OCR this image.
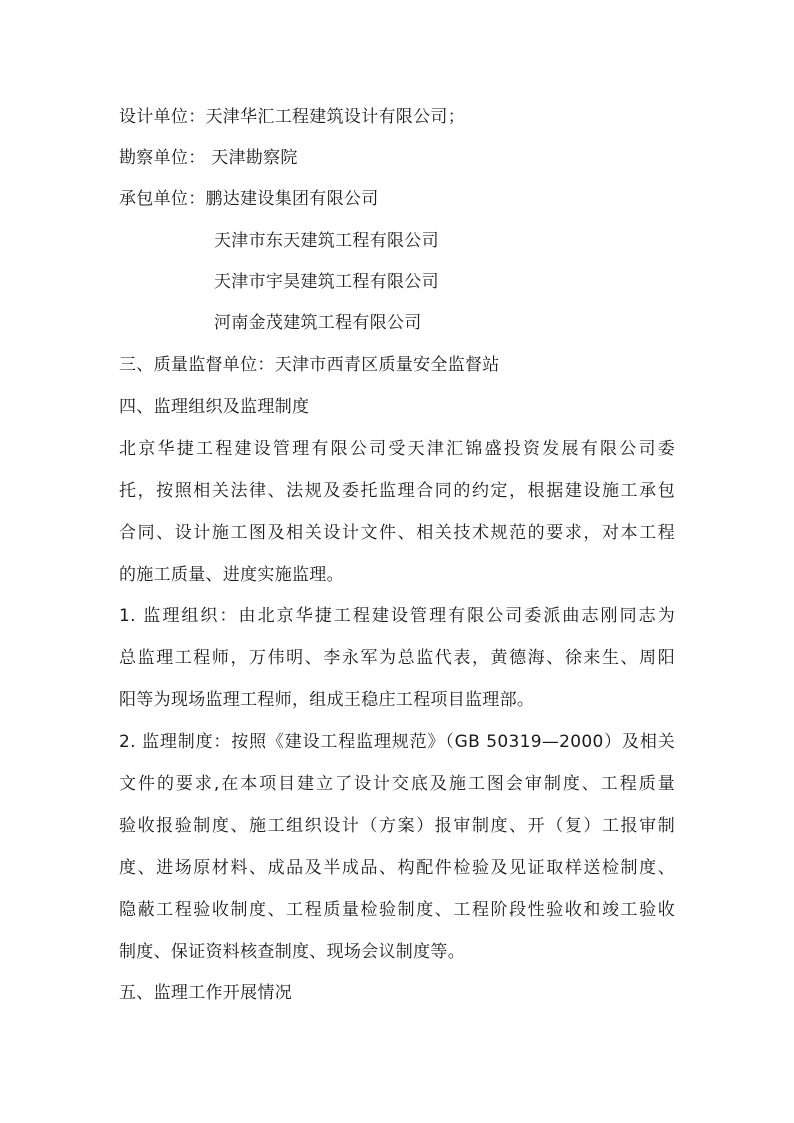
设计单位：天津华汇工程建筑设计有限公司；
勘察单位： 天津勘察院
承包单位：鹏达建设集团有限公司
天津市东天建筑工程有限公司
天津市宇昊建筑工程有限公司
河南金茂建筑工程有限公司
三、质量监督单位：天津市西青区质量安全监督站
四、监理组织及监理制度
北京华捷工程建设管理有限公司受天津汇锦盛投资发展有限公司委
托，按照相关法律、法规及委托监理合同的约定，根据建设施工承包
合同、设计施工图及相关设计文件、相关技术规范的要求，对本工程
的施工质量、进度实施监理。
1. 监理组织：由北京华捷工程建设管理有限公司委派曲志刚同志为
总监理工程师，万伟明、李永军为总监代表，黄德海、徐来生、周阳
阳等为现场监理工程师，组成王稳庄工程项目监理部。
2. 监理制度：按照《建设工程监理规范》（GB 50319—2000）及相关
文件的要求,在本项目建立了设计交底及施工图会审制度、工程质量
验收报验制度、施工组织设计（方案）报审制度、开（复）工报审制
度、进场原材料、成品及半成品、构配件检验及见证取样送检制度、
隐蔽工程验收制度、工程质量检验制度、工程阶段性验收和竣工验收
制度、保证资料核查制度、现场会议制度等。
五、监理工作开展情况
